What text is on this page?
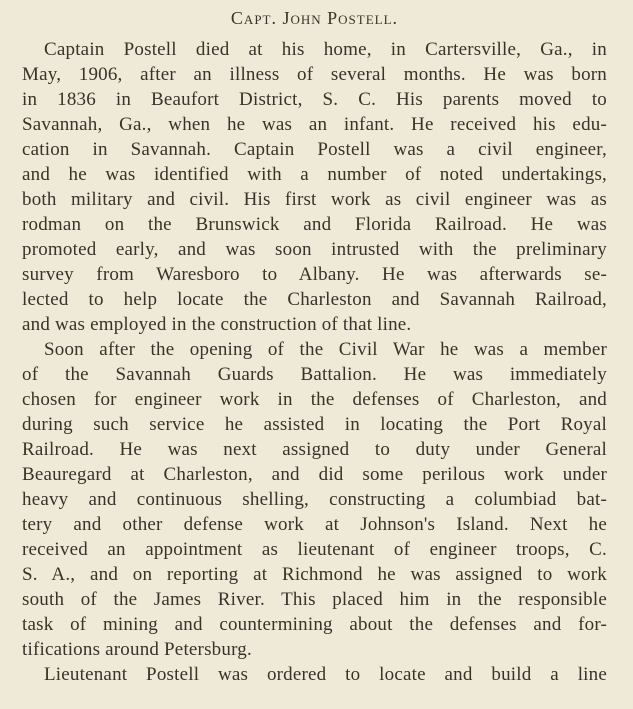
Capt. John Postell.
Captain Postell died at his home, in Cartersville, Ga., in
May, 1906, after an illness of several months. He was born
in 1836 in Beaufort District, S. C. His parents moved to
Savannah, Ga., when he was an infant. He received his edu-
cation in Savannah. Captain Postell was a civil engineer,
and he was identified with a number of noted undertakings,
both military and civil. His first work as civil engineer was as
rodman on the Brunswick and Florida Railroad. He was
promoted early, and was soon intrusted with the preliminary
survey from Waresboro to Albany. He was afterwards se-
lected to help locate the Charleston and Savannah Railroad,
and was employed in the construction of that line.
Soon after the opening of the Civil War he was a member
of the Savannah Guards Battalion. He was immediately
chosen for engineer work in the defenses of Charleston, and
during such service he assisted in locating the Port Royal
Railroad. He was next assigned to duty under General
Beauregard at Charleston, and did some perilous work under
heavy and continuous shelling, constructing a columbiad bat-
tery and other defense work at Johnson's Island. Next he
received an appointment as lieutenant of engineer troops, C.
S. A., and on reporting at Richmond he was assigned to work
south of the James River. This placed him in the responsible
task of mining and countermining about the defenses and for-
tifications around Petersburg.
Lieutenant Postell was ordered to locate and build a line
